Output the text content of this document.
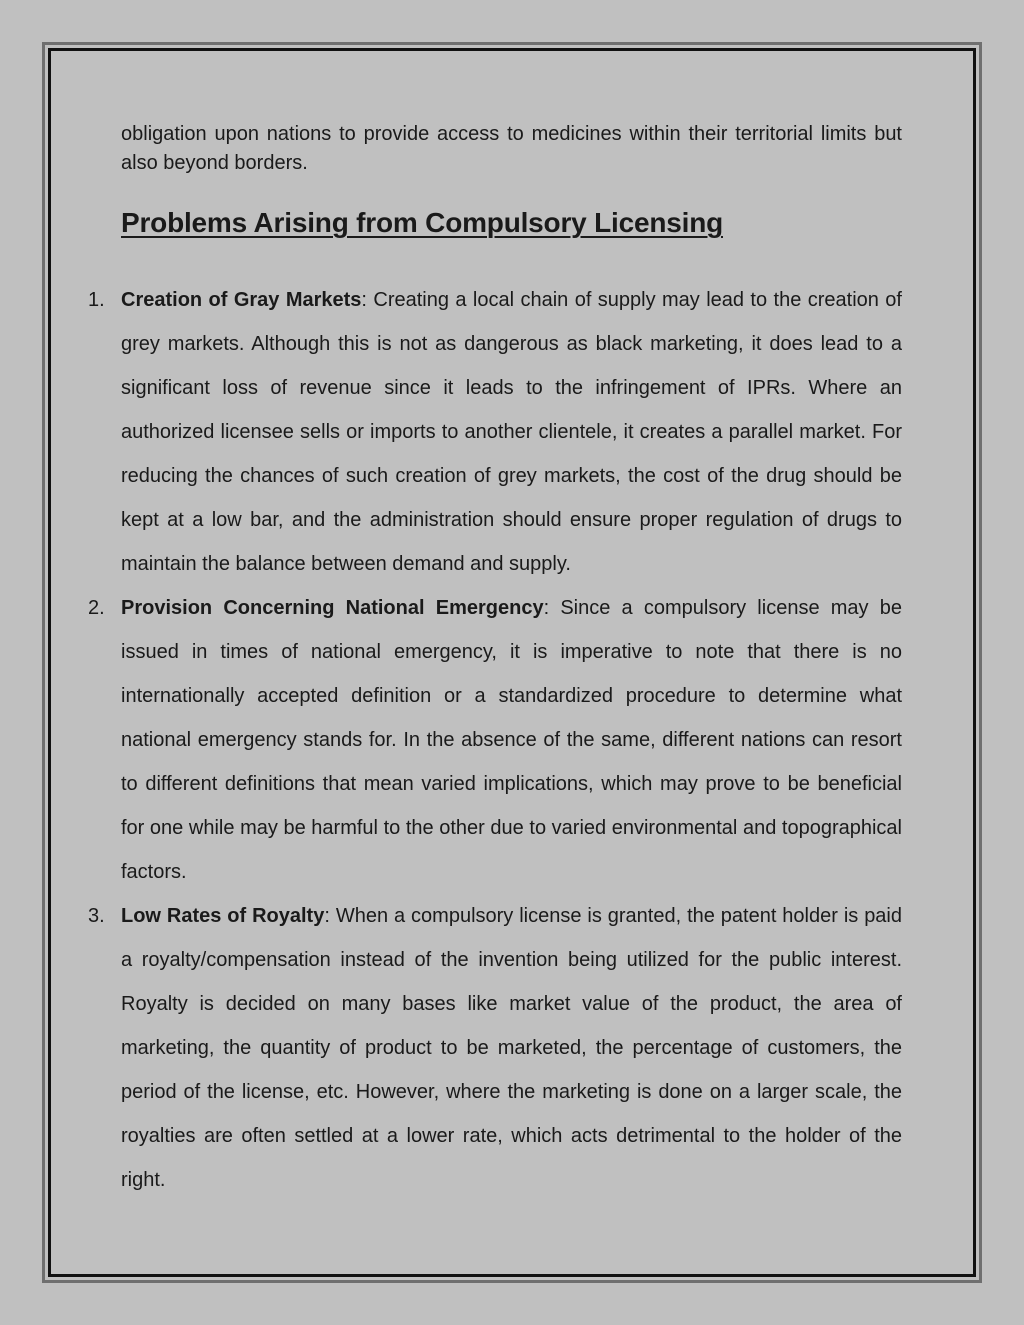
obligation upon nations to provide access to medicines within their territorial limits but also beyond borders.

Problems Arising from Compulsory Licensing
1. Creation of Gray Markets: Creating a local chain of supply may lead to the creation of grey markets. Although this is not as dangerous as black marketing, it does lead to a significant loss of revenue since it leads to the infringement of IPRs. Where an authorized licensee sells or imports to another clientele, it creates a parallel market. For reducing the chances of such creation of grey markets, the cost of the drug should be kept at a low bar, and the administration should ensure proper regulation of drugs to maintain the balance between demand and supply.
2. Provision Concerning National Emergency: Since a compulsory license may be issued in times of national emergency, it is imperative to note that there is no internationally accepted definition or a standardized procedure to determine what national emergency stands for. In the absence of the same, different nations can resort to different definitions that mean varied implications, which may prove to be beneficial for one while may be harmful to the other due to varied environmental and topographical factors.
3. Low Rates of Royalty: When a compulsory license is granted, the patent holder is paid a royalty/compensation instead of the invention being utilized for the public interest. Royalty is decided on many bases like market value of the product, the area of marketing, the quantity of product to be marketed, the percentage of customers, the period of the license, etc. However, where the marketing is done on a larger scale, the royalties are often settled at a lower rate, which acts detrimental to the holder of the right.
